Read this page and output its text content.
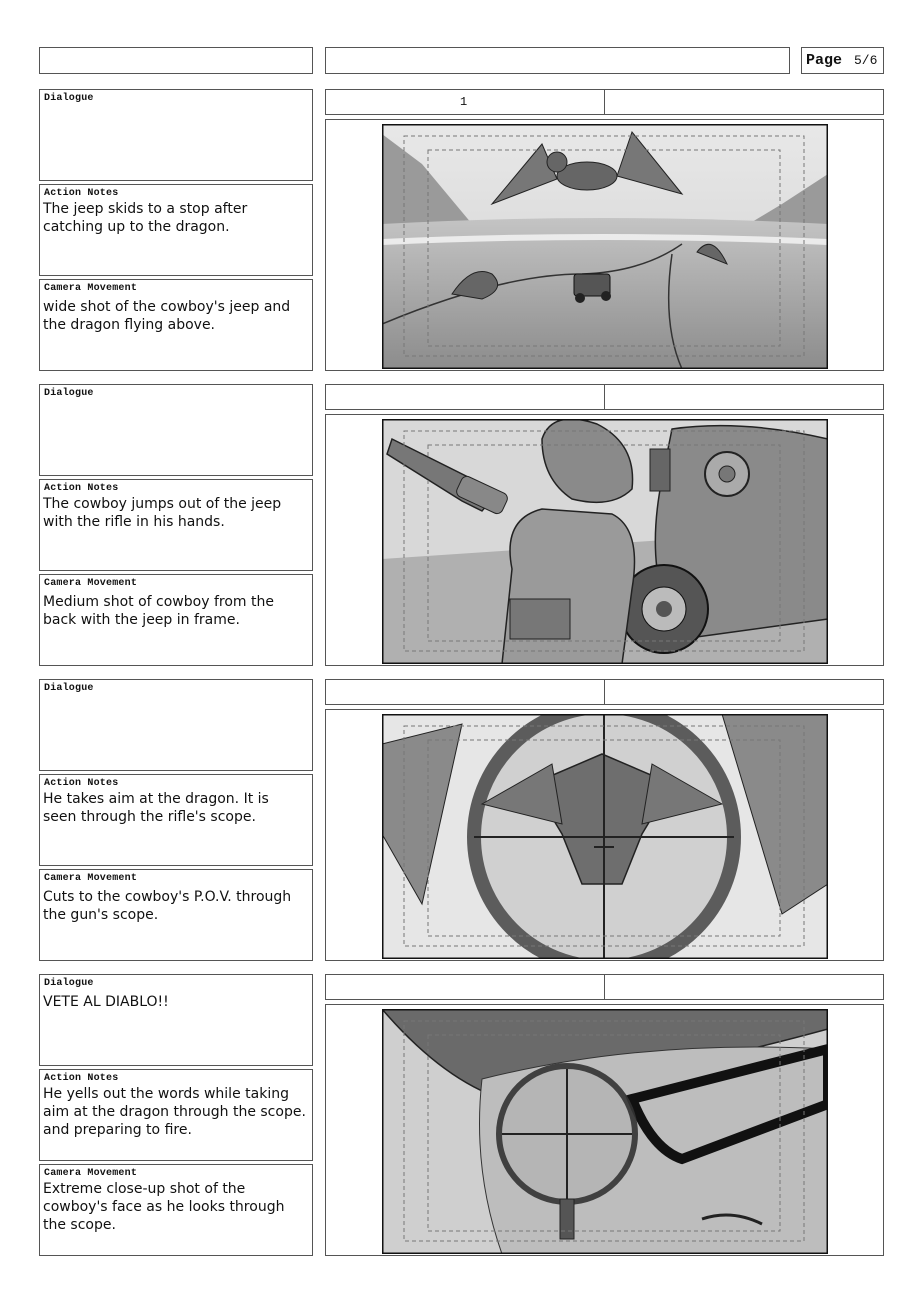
Page 5/6
Dialogue
Action Notes
The jeep skids to a stop after catching up to the dragon.
Camera Movement
wide shot of the cowboy's jeep and the dragon flying above.
1
Dialogue
Action Notes
The cowboy jumps out of the jeep with the rifle in his hands.
Camera Movement
Medium shot of cowboy from the back with the jeep in frame.
Dialogue
Action Notes
He takes aim at the dragon. It is seen through the rifle's scope.
Camera Movement
Cuts to the cowboy's P.O.V. through the gun's scope.
Dialogue
VETE AL DIABLO!!
Action Notes
He yells out the words while taking aim at the dragon through the scope. and preparing to fire.
Camera Movement
Extreme close-up shot of the cowboy's face as he looks through the scope.
